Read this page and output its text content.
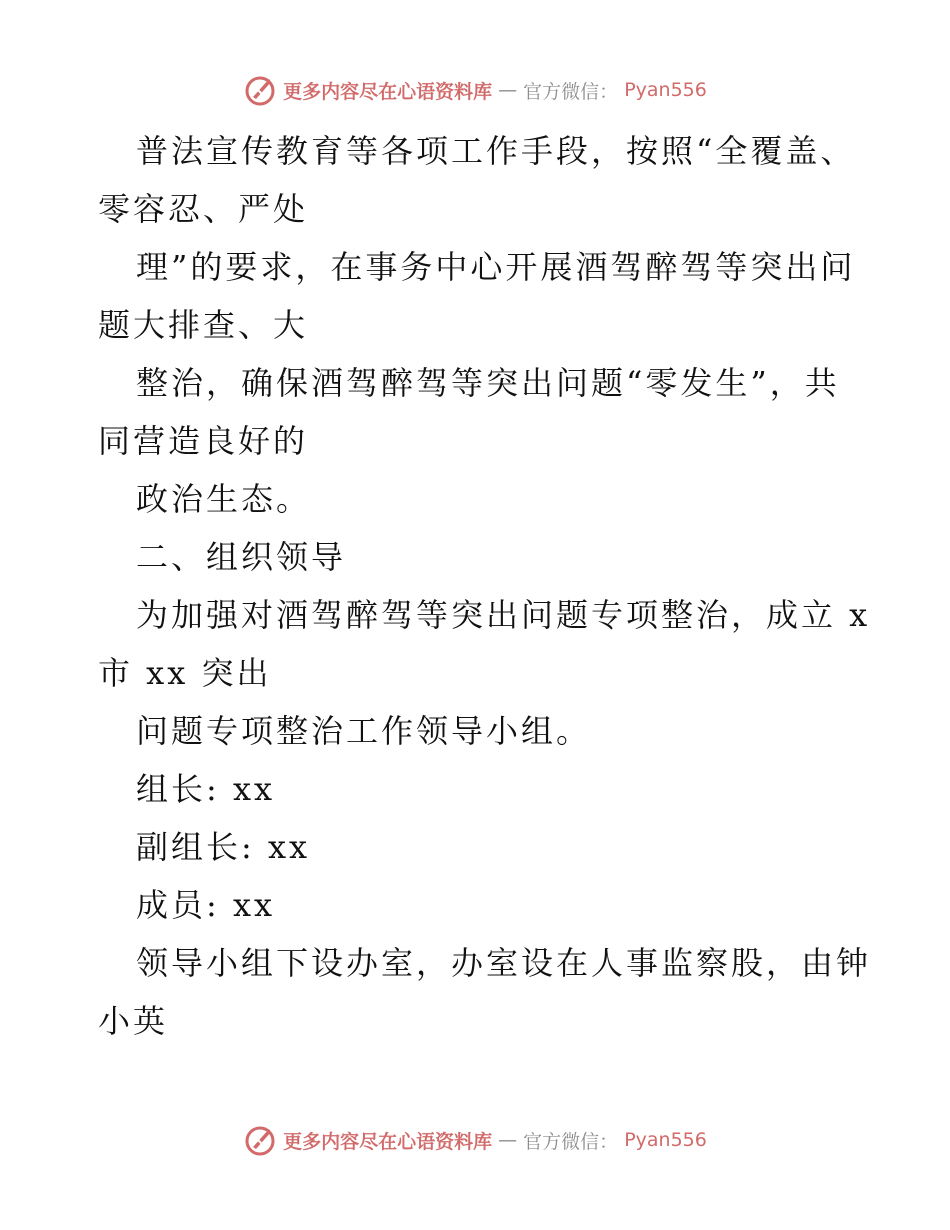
更多内容尽在心语资料库 — 官方微信： Pyan556
普法宣传教育等各项工作手段，按照“全覆盖、
零容忍、严处
理”的要求，在事务中心开展酒驾醉驾等突出问
题大排查、大
整治，确保酒驾醉驾等突出问题“零发生”，共
同营造良好的
政治生态。
二、组织领导
为加强对酒驾醉驾等突出问题专项整治，成立 x
市 xx 突出
问题专项整治工作领导小组。
组长: xx
副组长: xx
成员: xx
领导小组下设办室，办室设在人事监察股，由钟
小英
更多内容尽在心语资料库 — 官方微信： Pyan556
